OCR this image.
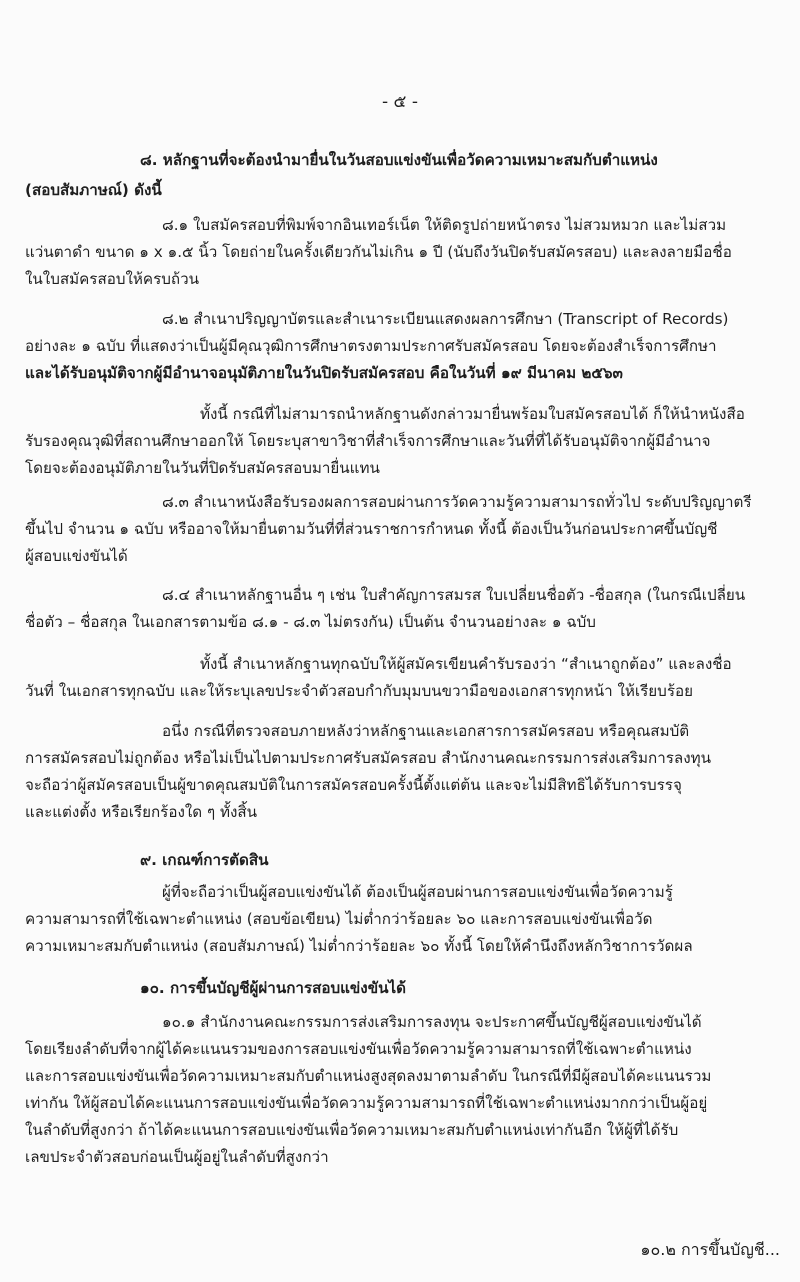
- ๕ -
๘. หลักฐานที่จะต้องนำมายื่นในวันสอบแข่งขันเพื่อวัดความเหมาะสมกับตำแหน่ง
(สอบสัมภาษณ์) ดังนี้
๘.๑ ใบสมัครสอบที่พิมพ์จากอินเทอร์เน็ต ให้ติดรูปถ่ายหน้าตรง ไม่สวมหมวก และไม่สวม
แว่นตาดำ ขนาด ๑ x ๑.๕ นิ้ว โดยถ่ายในครั้งเดียวกันไม่เกิน ๑ ปี (นับถึงวันปิดรับสมัครสอบ) และลงลายมือชื่อ
ในใบสมัครสอบให้ครบถ้วน
๘.๒ สำเนาปริญญาบัตรและสำเนาระเบียนแสดงผลการศึกษา (Transcript of Records)
อย่างละ ๑ ฉบับ ที่แสดงว่าเป็นผู้มีคุณวุฒิการศึกษาตรงตามประกาศรับสมัครสอบ โดยจะต้องสำเร็จการศึกษา
และได้รับอนุมัติจากผู้มีอำนาจอนุมัติภายในวันปิดรับสมัครสอบ คือในวันที่ ๑๙ มีนาคม ๒๕๖๓
ทั้งนี้ กรณีที่ไม่สามารถนำหลักฐานดังกล่าวมายื่นพร้อมใบสมัครสอบได้ ก็ให้นำหนังสือ
รับรองคุณวุฒิที่สถานศึกษาออกให้ โดยระบุสาขาวิชาที่สำเร็จการศึกษาและวันที่ที่ได้รับอนุมัติจากผู้มีอำนาจ
โดยจะต้องอนุมัติภายในวันที่ปิดรับสมัครสอบมายื่นแทน
๘.๓ สำเนาหนังสือรับรองผลการสอบผ่านการวัดความรู้ความสามารถทั่วไป ระดับปริญญาตรี
ขึ้นไป จำนวน ๑ ฉบับ หรืออาจให้มายื่นตามวันที่ที่ส่วนราชการกำหนด ทั้งนี้ ต้องเป็นวันก่อนประกาศขึ้นบัญชี
ผู้สอบแข่งขันได้
๘.๔ สำเนาหลักฐานอื่น ๆ เช่น ใบสำคัญการสมรส ใบเปลี่ยนชื่อตัว -ชื่อสกุล (ในกรณีเปลี่ยน
ชื่อตัว – ชื่อสกุล ในเอกสารตามข้อ ๘.๑ - ๘.๓ ไม่ตรงกัน) เป็นต้น จำนวนอย่างละ ๑ ฉบับ
ทั้งนี้ สำเนาหลักฐานทุกฉบับให้ผู้สมัครเขียนคำรับรองว่า “สำเนาถูกต้อง” และลงชื่อ
วันที่ ในเอกสารทุกฉบับ และให้ระบุเลขประจำตัวสอบกำกับมุมบนขวามือของเอกสารทุกหน้า ให้เรียบร้อย
อนึ่ง กรณีที่ตรวจสอบภายหลังว่าหลักฐานและเอกสารการสมัครสอบ หรือคุณสมบัติ
การสมัครสอบไม่ถูกต้อง หรือไม่เป็นไปตามประกาศรับสมัครสอบ สำนักงานคณะกรรมการส่งเสริมการลงทุน
จะถือว่าผู้สมัครสอบเป็นผู้ขาดคุณสมบัติในการสมัครสอบครั้งนี้ตั้งแต่ต้น และจะไม่มีสิทธิได้รับการบรรจุ
และแต่งตั้ง หรือเรียกร้องใด ๆ ทั้งสิ้น
๙. เกณฑ์การตัดสิน
ผู้ที่จะถือว่าเป็นผู้สอบแข่งขันได้ ต้องเป็นผู้สอบผ่านการสอบแข่งขันเพื่อวัดความรู้
ความสามารถที่ใช้เฉพาะตำแหน่ง (สอบข้อเขียน) ไม่ต่ำกว่าร้อยละ ๖๐ และการสอบแข่งขันเพื่อวัด
ความเหมาะสมกับตำแหน่ง (สอบสัมภาษณ์) ไม่ต่ำกว่าร้อยละ ๖๐ ทั้งนี้ โดยให้คำนึงถึงหลักวิชาการวัดผล
๑๐. การขึ้นบัญชีผู้ผ่านการสอบแข่งขันได้
๑๐.๑ สำนักงานคณะกรรมการส่งเสริมการลงทุน จะประกาศขึ้นบัญชีผู้สอบแข่งขันได้
โดยเรียงลำดับที่จากผู้ได้คะแนนรวมของการสอบแข่งขันเพื่อวัดความรู้ความสามารถที่ใช้เฉพาะตำแหน่ง
และการสอบแข่งขันเพื่อวัดความเหมาะสมกับตำแหน่งสูงสุดลงมาตามลำดับ ในกรณีที่มีผู้สอบได้คะแนนรวม
เท่ากัน ให้ผู้สอบได้คะแนนการสอบแข่งขันเพื่อวัดความรู้ความสามารถที่ใช้เฉพาะตำแหน่งมากกว่าเป็นผู้อยู่
ในลำดับที่สูงกว่า ถ้าได้คะแนนการสอบแข่งขันเพื่อวัดความเหมาะสมกับตำแหน่งเท่ากันอีก ให้ผู้ที่ได้รับ
เลขประจำตัวสอบก่อนเป็นผู้อยู่ในลำดับที่สูงกว่า
๑๐.๒ การขึ้นบัญชี...
